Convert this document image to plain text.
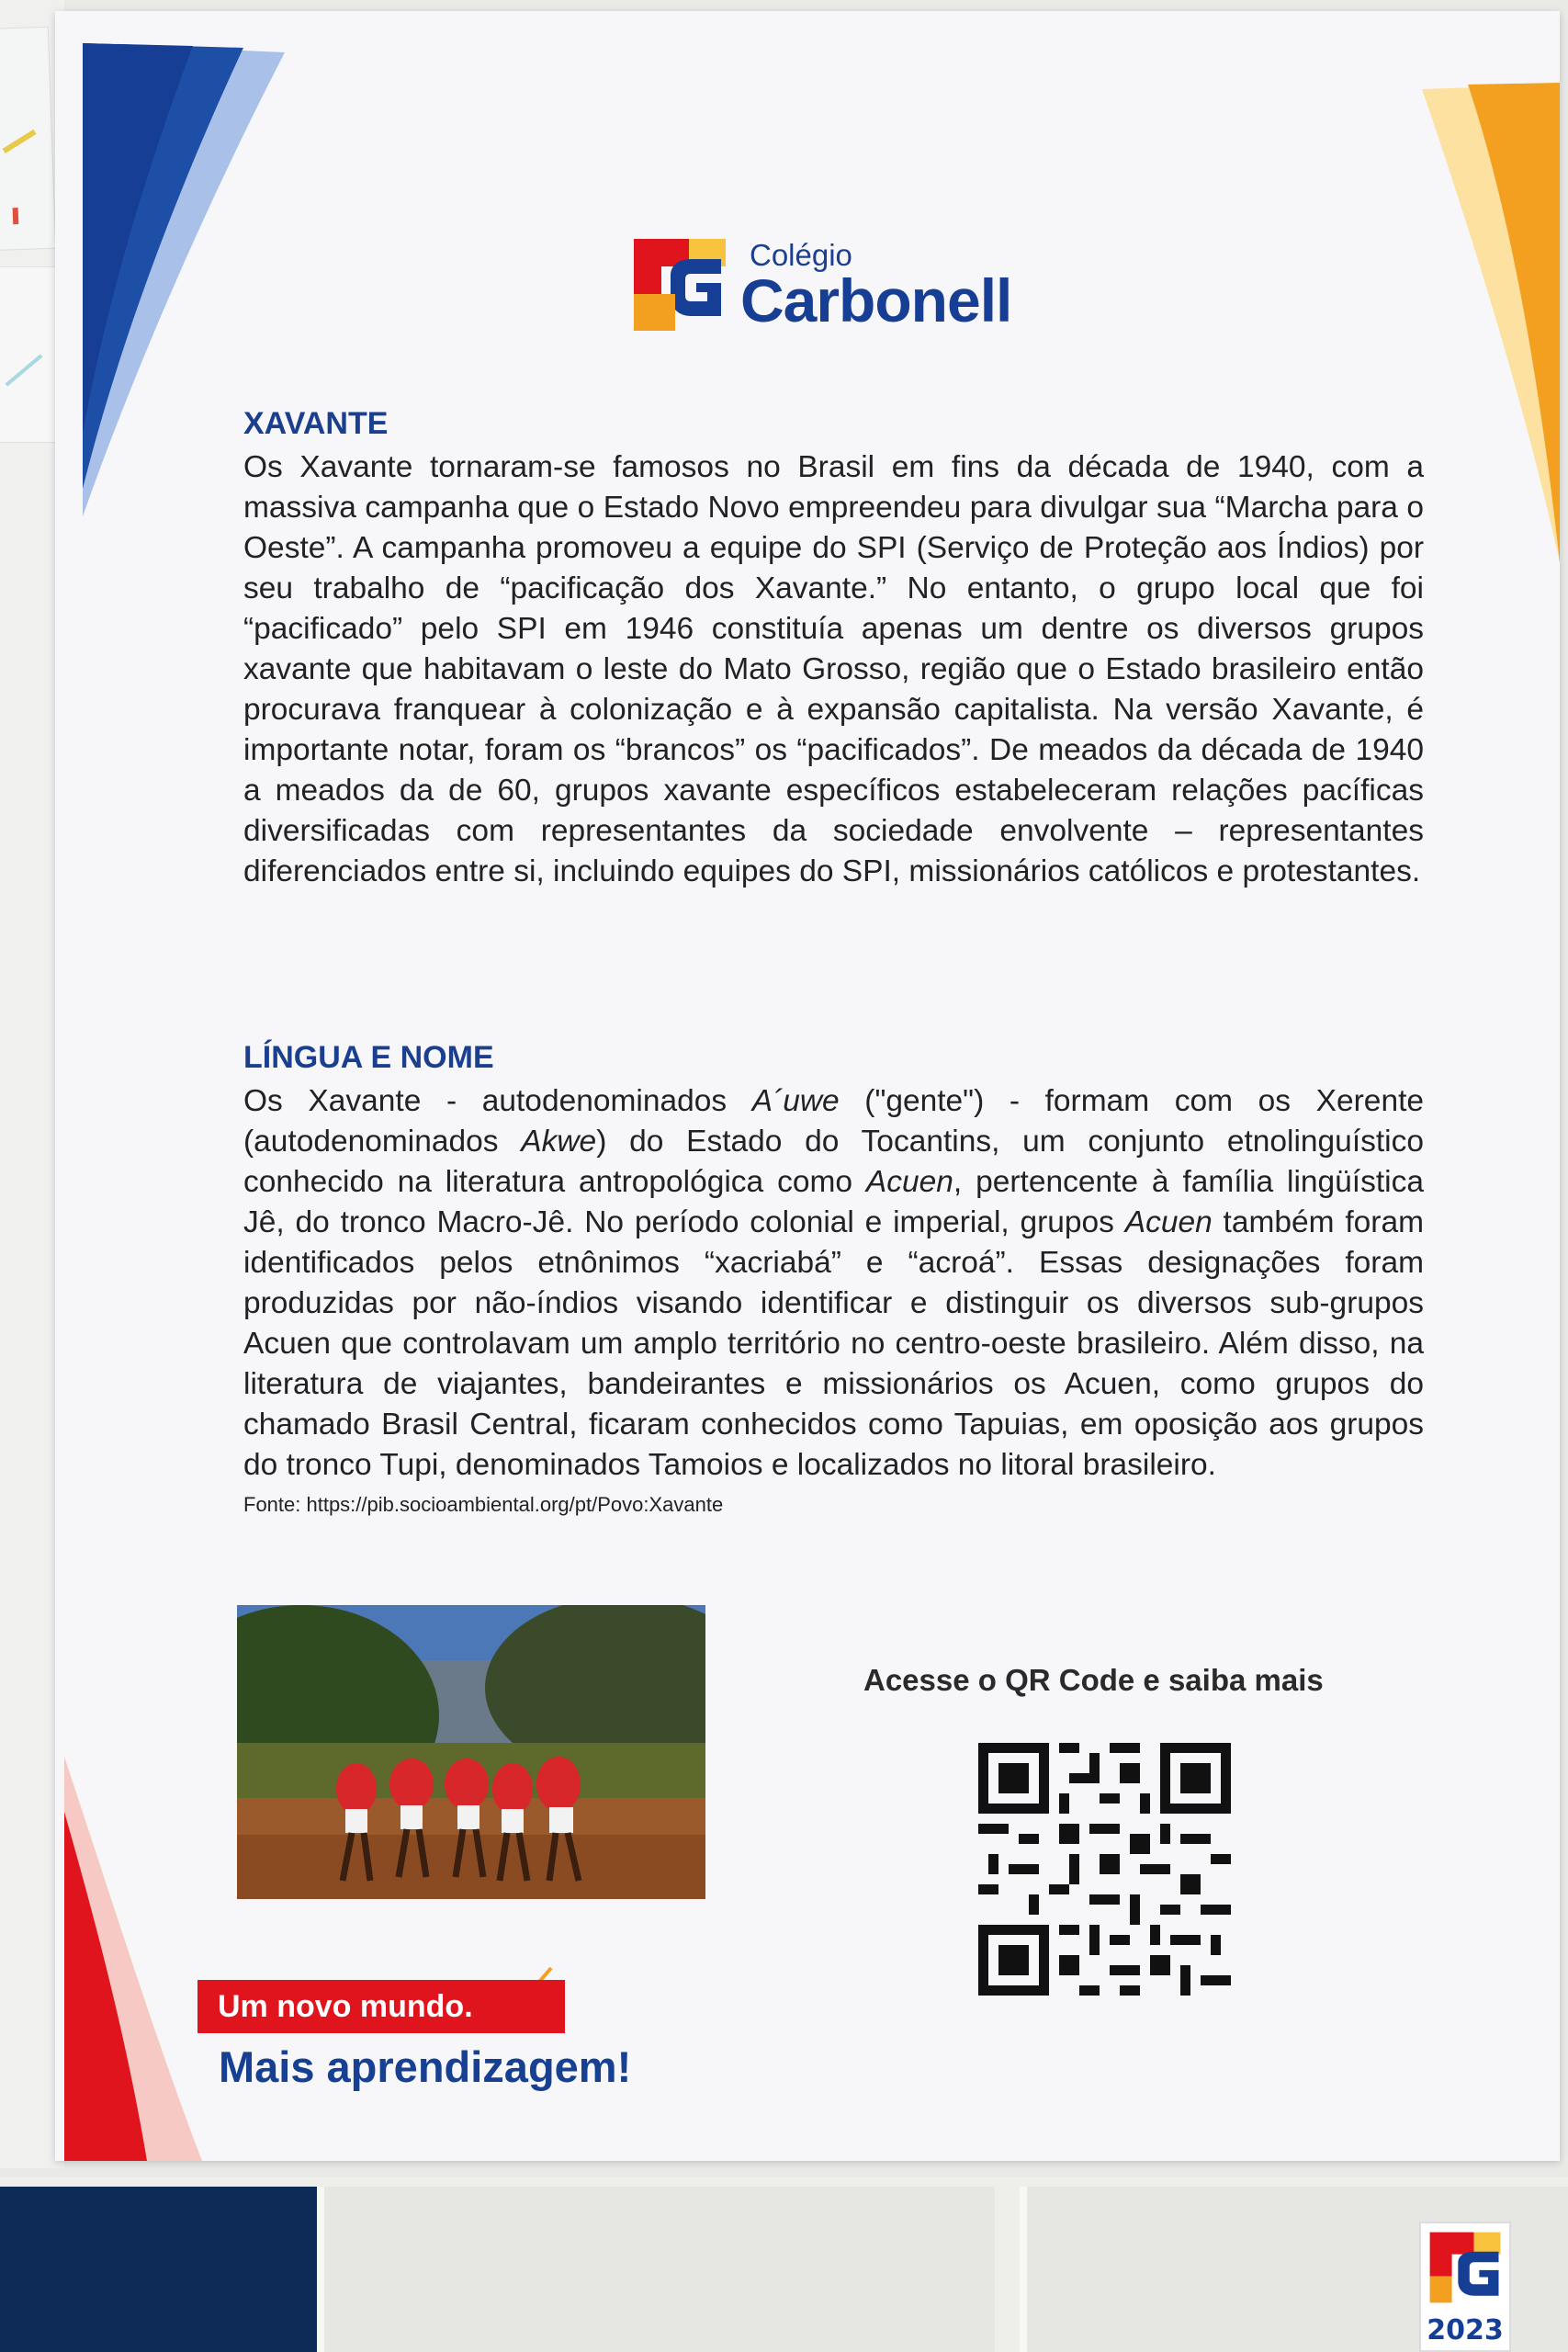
Colégio
Carbonell
XAVANTE

Os Xavante tornaram-se famosos no Brasil em fins da década de 1940, com a massiva campanha que o Estado Novo empreendeu para divulgar sua “Marcha para o Oeste”. A campanha promoveu a equipe do SPI (Serviço de Proteção aos Índios) por seu trabalho de “pacificação dos Xavante.” No entanto, o grupo local que foi “pacificado” pelo SPI em 1946 constituía apenas um dentre os diversos grupos xavante que habitavam o leste do Mato Grosso, região que o Estado brasileiro então procurava franquear à colonização e à expansão capitalista. Na versão Xavante, é importante notar, foram os “brancos” os “pacificados”. De meados da década de 1940 a meados da de 60, grupos xavante específicos estabeleceram relações pacíficas diversificadas com representantes da sociedade envolvente – representantes diferenciados entre si, incluindo equipes do SPI, missionários católicos e protestantes.

LÍNGUA E NOME

Os Xavante - autodenominados A´uwe ("gente") - formam com os Xerente (autodenominados Akwe) do Estado do Tocantins, um conjunto etnolinguístico conhecido na literatura antropológica como Acuen, pertencente à família lingüística Jê, do tronco Macro-Jê. No período colonial e imperial, grupos Acuen também foram identificados pelos etnônimos “xacriabá” e “acroá”. Essas designações foram produzidas por não-índios visando identificar e distinguir os diversos sub-grupos Acuen que controlavam um amplo território no centro-oeste brasileiro. Além disso, na literatura de viajantes, bandeirantes e missionários os Acuen, como grupos do chamado Brasil Central, ficaram conhecidos como Tapuias, em oposição aos grupos do tronco Tupi, denominados Tamoios e localizados no litoral brasileiro.

Fonte: https://pib.socioambiental.org/pt/Povo:Xavante
Acesse o QR Code e saiba mais
Um novo mundo.
Mais aprendizagem!
2023
